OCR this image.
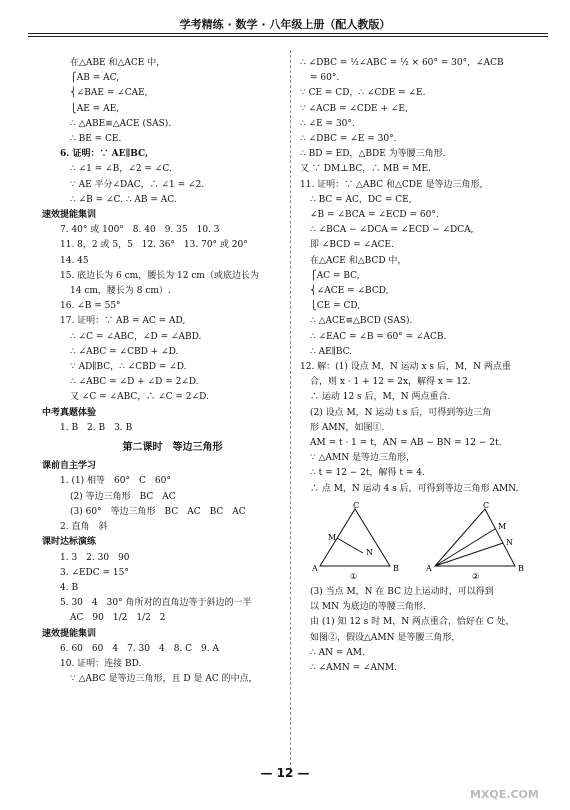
学考精练 · 数学 · 八年级上册（配人教版）
在△ABE 和△ACE 中，
⎧AB = AC,
⎨∠BAE = ∠CAE,
⎩AE = AE,
∴ △ABE≌△ACE (SAS).
∴ BE = CE.
6. 证明：∵ AE∥BC,
∴ ∠1 = ∠B，∠2 = ∠C.
∵ AE 平分∠DAC，∴ ∠1 = ∠2.
∴ ∠B = ∠C. ∴ AB = AC.
速效提能集训
7. 40° 或 100°　8. 40　9. 35　10. 3
11. 8，2 或 5，5　12. 36°　13. 70° 或 20°
14. 45
15. 底边长为 6 cm，腰长为 12 cm（或底边长为
14 cm，腰长为 8 cm）.
16. ∠B = 55°
17. 证明：∵ AB = AC = AD,
∴ ∠C = ∠ABC，∠D = ∠ABD.
∴ ∠ABC = ∠CBD + ∠D.
∵ AD∥BC，∴ ∠CBD = ∠D.
∴ ∠ABC = ∠D + ∠D = 2∠D.
又 ∠C = ∠ABC，∴ ∠C = 2∠D.
中考真题体验
1. B　2. B　3. B
第二课时　等边三角形
课前自主学习
1. (1) 相等　60°　C　60°
(2) 等边三角形　BC　AC
(3) 60°　等边三角形　BC　AC　BC　AC
2. 直角　斜
课时达标演练
1. 3　2. 30　90
3. ∠EDC = 15°
4. B
5. 30　4　30° 角所对的直角边等于斜边的一半
AC　90　1/2　1/2　2
速效提能集训
6. 60　60　4　7. 30　4　8. C　9. A
10. 证明：连接 BD.
∵ △ABC 是等边三角形，且 D 是 AC 的中点，
∴ ∠DBC = ½∠ABC = ½ × 60° = 30°，∠ACB
= 60°.
∵ CE = CD，∴ ∠CDE = ∠E.
∵ ∠ACB = ∠CDE + ∠E,
∴ ∠E = 30°.
∴ ∠DBC = ∠E = 30°.
∴ BD = ED，△BDE 为等腰三角形.
又 ∵ DM⊥BC，∴ MB = ME.
11. 证明：∵ △ABC 和△CDE 是等边三角形，
∴ BC = AC，DC = CE,
∠B = ∠BCA = ∠ECD = 60°.
∴ ∠BCA − ∠DCA = ∠ECD − ∠DCA,
即 ∠BCD = ∠ACE.
在△ACE 和△BCD 中，
⎧AC = BC,
⎨∠ACE = ∠BCD,
⎩CE = CD,
∴ △ACE≌△BCD (SAS).
∴ ∠EAC = ∠B = 60° = ∠ACB.
∴ AE∥BC.
12. 解：(1) 设点 M，N 运动 x s 后，M，N 两点重
合，则 x · 1 + 12 = 2x，解得 x = 12.
∴ 运动 12 s 后，M，N 两点重合.
(2) 设点 M，N 运动 t s 后，可得到等边三角
形 AMN，如图①.
AM = t · 1 = t，AN = AB − BN = 12 − 2t.
∵ △AMN 是等边三角形，
∴ t = 12 − 2t，解得 t = 4.
∴ 点 M，N 运动 4 s 后，可得到等边三角形 AMN.
C
M
A
N
B
①
C
M
N
A	B
②
(3) 当点 M，N 在 BC 边上运动时，可以得到
以 MN 为底边的等腰三角形.
由 (1) 知 12 s 时 M，N 两点重合，恰好在 C 处，
如图②，假设△AMN 是等腰三角形，
∴ AN = AM.
∴ ∠AMN = ∠ANM.
— 12 —
MXQE.COM
